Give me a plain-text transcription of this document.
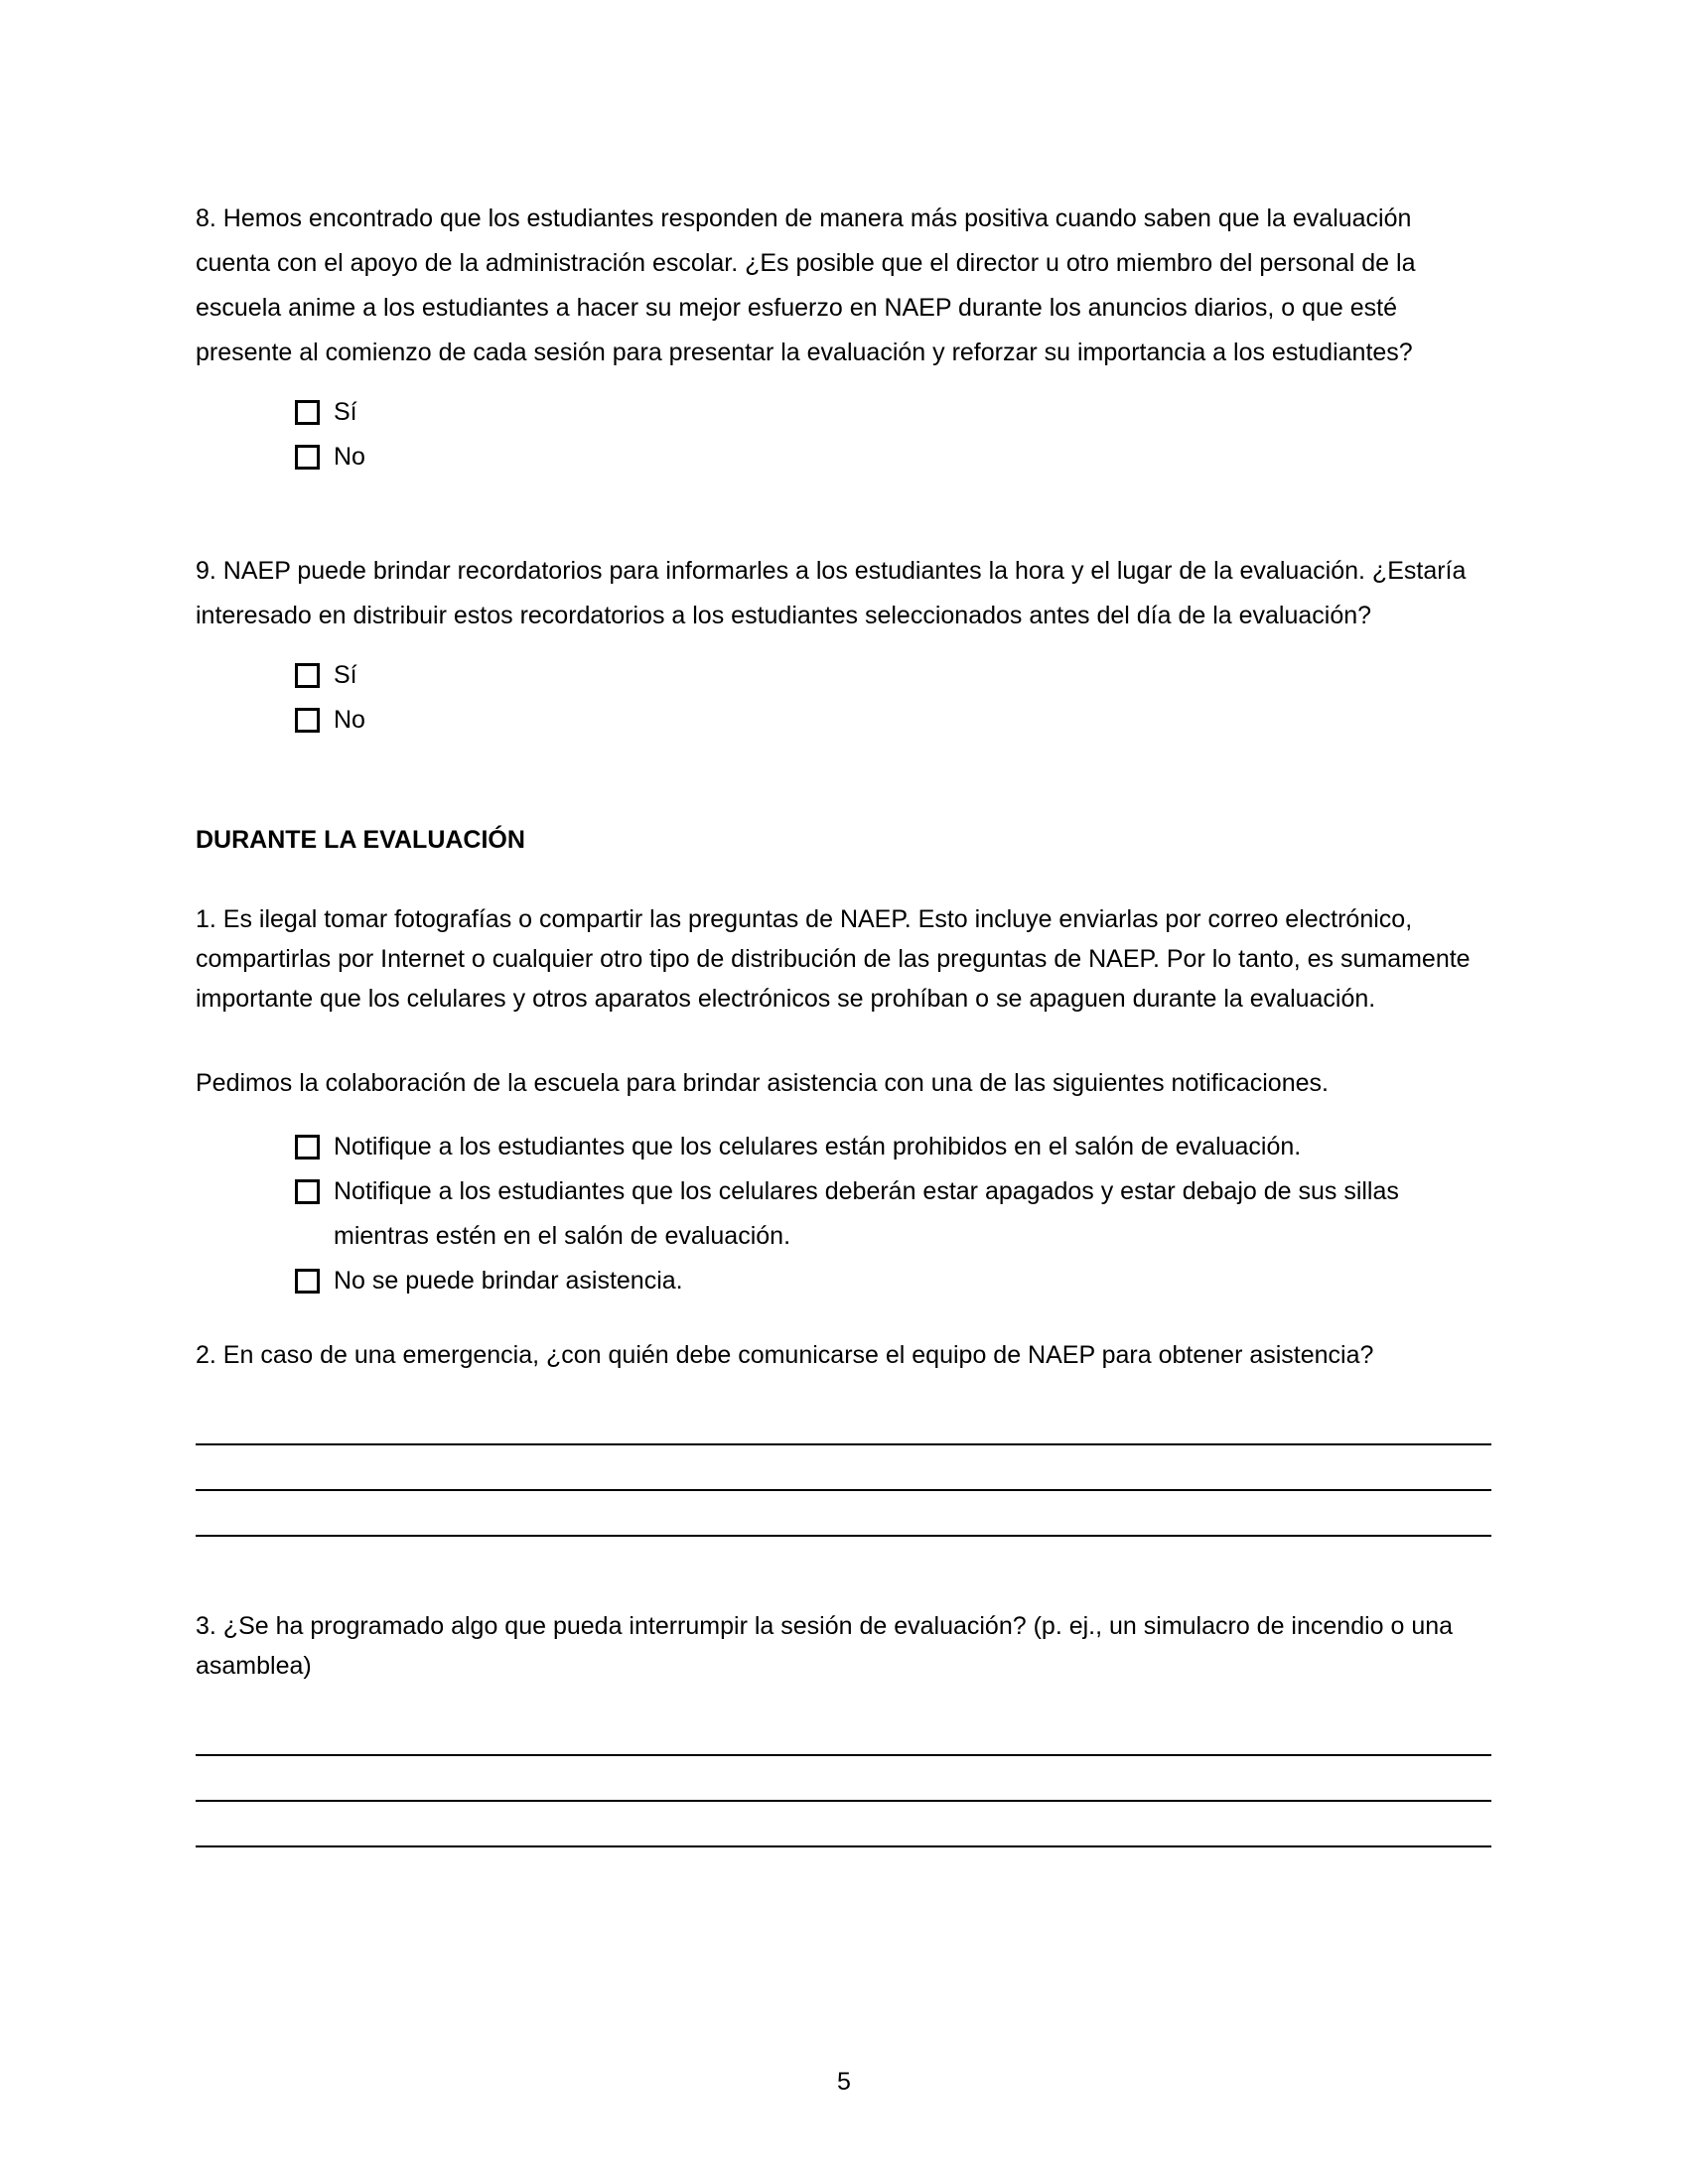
8. Hemos encontrado que los estudiantes responden de manera más positiva cuando saben que la evaluación cuenta con el apoyo de la administración escolar. ¿Es posible que el director u otro miembro del personal de la escuela anime a los estudiantes a hacer su mejor esfuerzo en NAEP durante los anuncios diarios, o que esté presente al comienzo de cada sesión para presentar la evaluación y reforzar su importancia a los estudiantes?

Sí
No

9. NAEP puede brindar recordatorios para informarles a los estudiantes la hora y el lugar de la evaluación. ¿Estaría interesado en distribuir estos recordatorios a los estudiantes seleccionados antes del día de la evaluación?

Sí
No

DURANTE LA EVALUACIÓN

1. Es ilegal tomar fotografías o compartir las preguntas de NAEP. Esto incluye enviarlas por correo electrónico, compartirlas por Internet o cualquier otro tipo de distribución de las preguntas de NAEP. Por lo tanto, es sumamente importante que los celulares y otros aparatos electrónicos se prohíban o se apaguen durante la evaluación.

Pedimos la colaboración de la escuela para brindar asistencia con una de las siguientes notificaciones.

Notifique a los estudiantes que los celulares están prohibidos en el salón de evaluación.
Notifique a los estudiantes que los celulares deberán estar apagados y estar debajo de sus sillas mientras estén en el salón de evaluación.
No se puede brindar asistencia.

2. En caso de una emergencia, ¿con quién debe comunicarse el equipo de NAEP para obtener asistencia?

3. ¿Se ha programado algo que pueda interrumpir la sesión de evaluación? (p. ej., un simulacro de incendio o una asamblea)

5
